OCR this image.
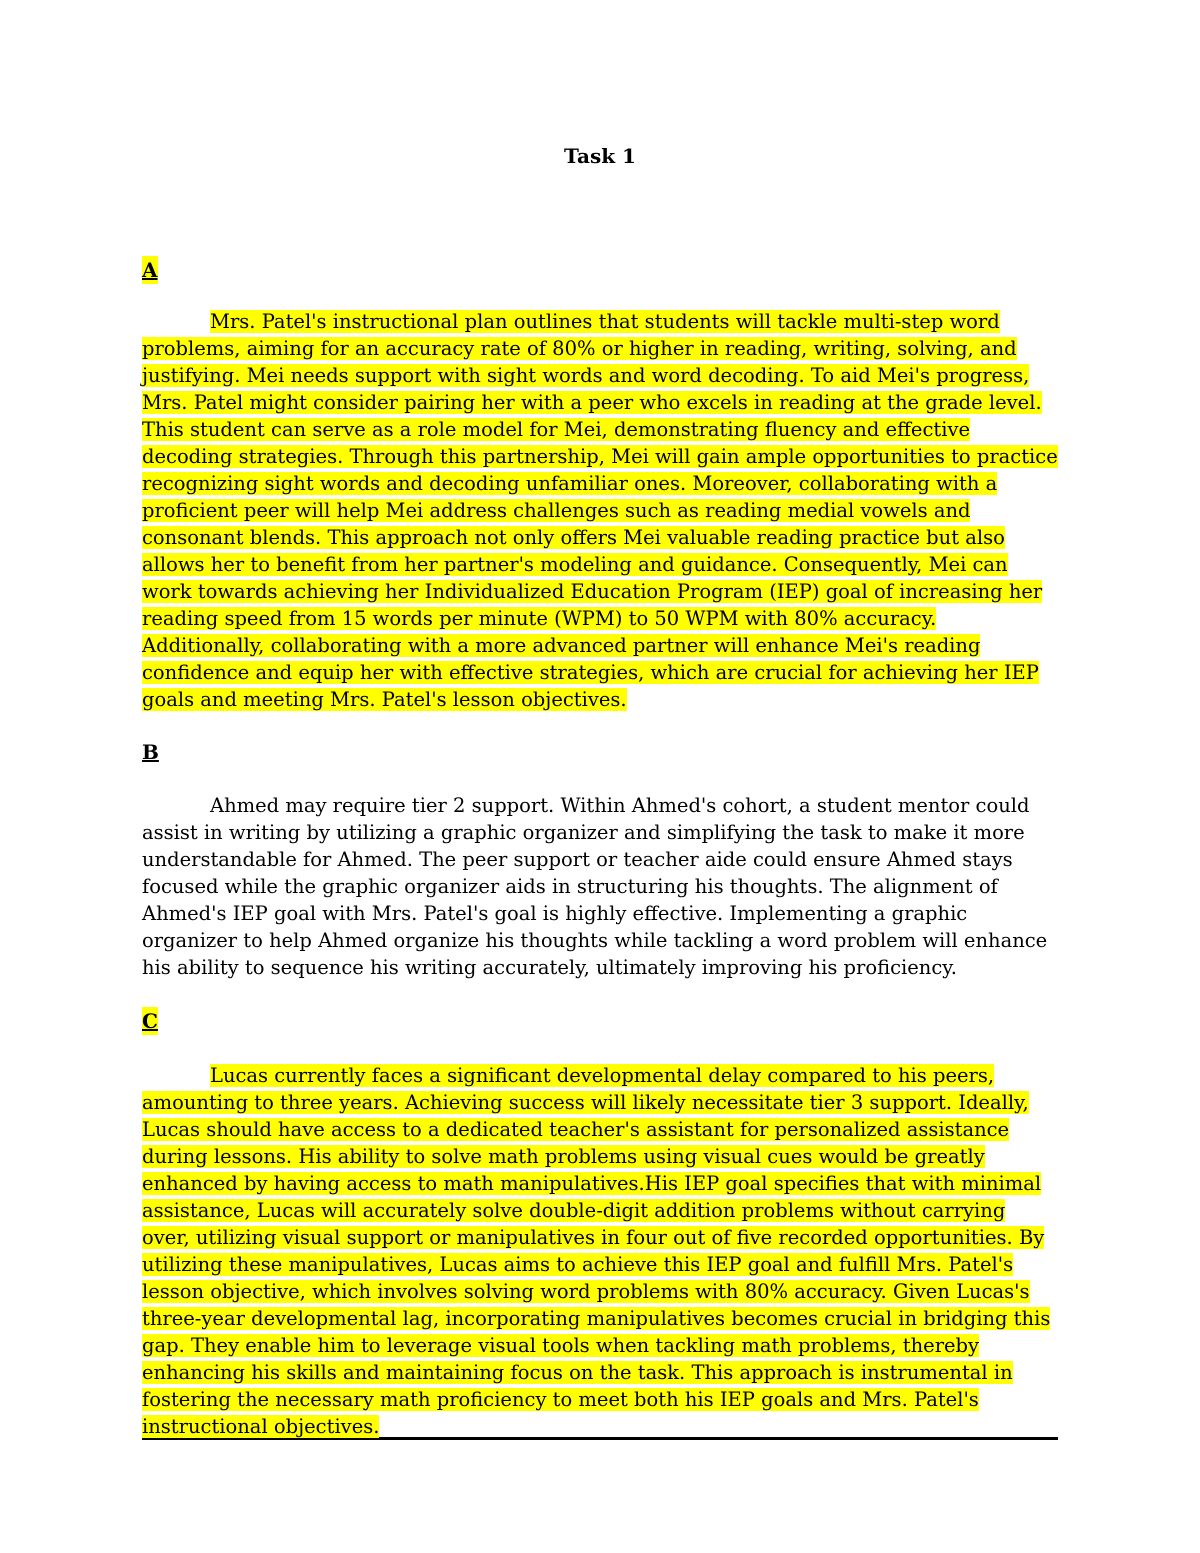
Task 1
A

Mrs. Patel's instructional plan outlines that students will tackle multi-step word problems, aiming for an accuracy rate of 80% or higher in reading, writing, solving, and justifying. Mei needs support with sight words and word decoding. To aid Mei's progress, Mrs. Patel might consider pairing her with a peer who excels in reading at the grade level. This student can serve as a role model for Mei, demonstrating fluency and effective decoding strategies. Through this partnership, Mei will gain ample opportunities to practice recognizing sight words and decoding unfamiliar ones. Moreover, collaborating with a proficient peer will help Mei address challenges such as reading medial vowels and consonant blends. This approach not only offers Mei valuable reading practice but also allows her to benefit from her partner's modeling and guidance. Consequently, Mei can work towards achieving her Individualized Education Program (IEP) goal of increasing her reading speed from 15 words per minute (WPM) to 50 WPM with 80% accuracy. Additionally, collaborating with a more advanced partner will enhance Mei's reading confidence and equip her with effective strategies, which are crucial for achieving her IEP goals and meeting Mrs. Patel's lesson objectives.

B

Ahmed may require tier 2 support. Within Ahmed's cohort, a student mentor could assist in writing by utilizing a graphic organizer and simplifying the task to make it more understandable for Ahmed. The peer support or teacher aide could ensure Ahmed stays focused while the graphic organizer aids in structuring his thoughts. The alignment of Ahmed's IEP goal with Mrs. Patel's goal is highly effective. Implementing a graphic organizer to help Ahmed organize his thoughts while tackling a word problem will enhance his ability to sequence his writing accurately, ultimately improving his proficiency.

C

Lucas currently faces a significant developmental delay compared to his peers, amounting to three years. Achieving success will likely necessitate tier 3 support. Ideally, Lucas should have access to a dedicated teacher's assistant for personalized assistance during lessons. His ability to solve math problems using visual cues would be greatly enhanced by having access to math manipulatives.His IEP goal specifies that with minimal assistance, Lucas will accurately solve double-digit addition problems without carrying over, utilizing visual support or manipulatives in four out of five recorded opportunities. By utilizing these manipulatives, Lucas aims to achieve this IEP goal and fulfill Mrs. Patel's lesson objective, which involves solving word problems with 80% accuracy. Given Lucas's three-year developmental lag, incorporating manipulatives becomes crucial in bridging this gap. They enable him to leverage visual tools when tackling math problems, thereby enhancing his skills and maintaining focus on the task. This approach is instrumental in fostering the necessary math proficiency to meet both his IEP goals and Mrs. Patel's instructional objectives.
